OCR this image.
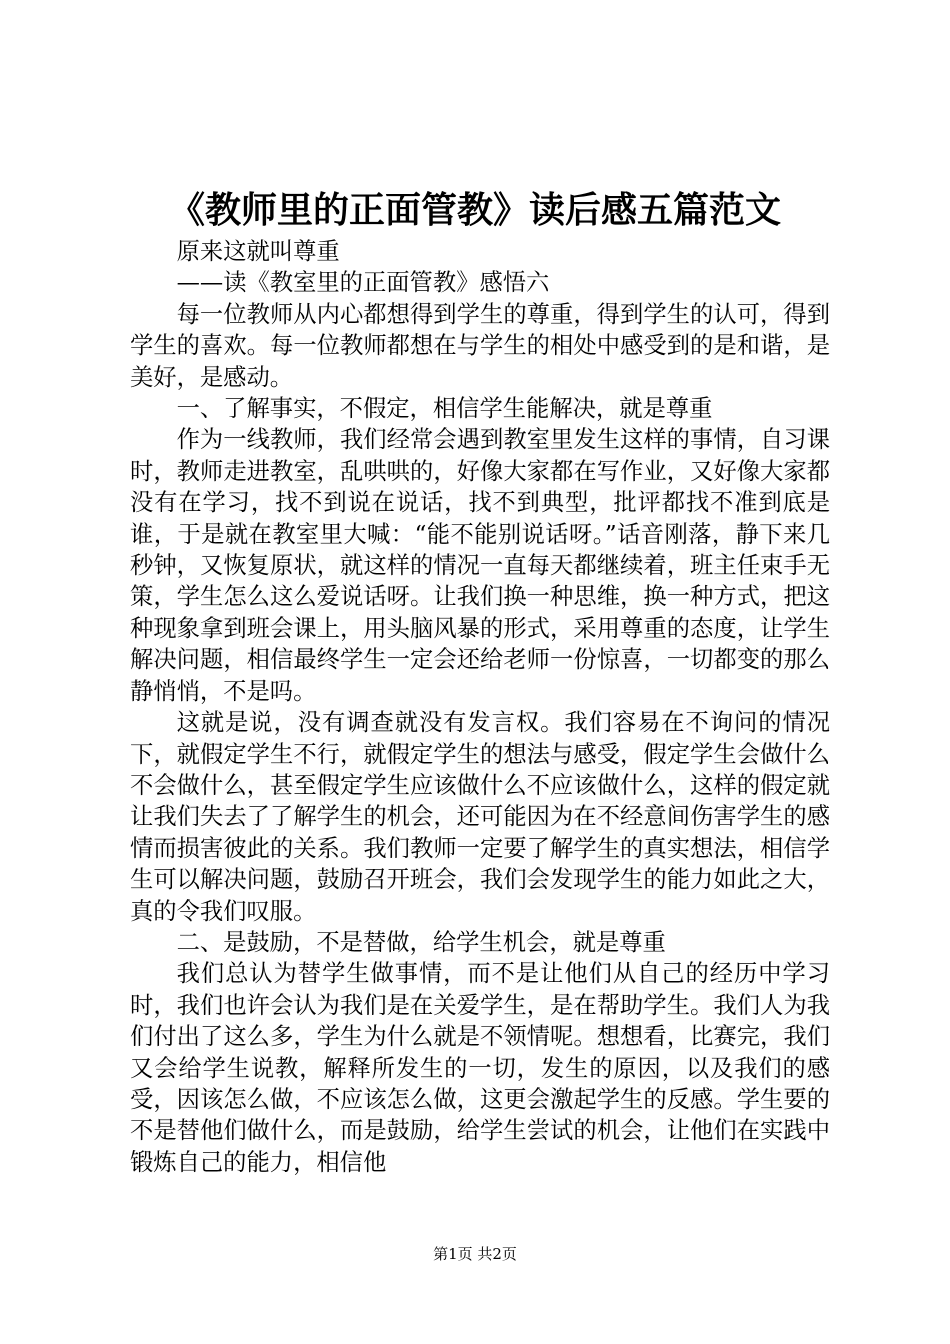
《教师里的正面管教》读后感五篇范文

原来这就叫尊重

——读《教室里的正面管教》感悟六

每一位教师从内心都想得到学生的尊重，得到学生的认可，得到学生的喜欢。每一位教师都想在与学生的相处中感受到的是和谐，是美好，是感动。

一、了解事实，不假定，相信学生能解决，就是尊重

作为一线教师，我们经常会遇到教室里发生这样的事情，自习课时，教师走进教室，乱哄哄的，好像大家都在写作业，又好像大家都没有在学习，找不到说在说话，找不到典型，批评都找不准到底是谁，于是就在教室里大喊：“能不能别说话呀。”话音刚落，静下来几秒钟，又恢复原状，就这样的情况一直每天都继续着，班主任束手无策，学生怎么这么爱说话呀。让我们换一种思维，换一种方式，把这种现象拿到班会课上，用头脑风暴的形式，采用尊重的态度，让学生解决问题，相信最终学生一定会还给老师一份惊喜，一切都变的那么静悄悄，不是吗。

这就是说，没有调查就没有发言权。我们容易在不询问的情况下，就假定学生不行，就假定学生的想法与感受，假定学生会做什么不会做什么，甚至假定学生应该做什么不应该做什么，这样的假定就让我们失去了了解学生的机会，还可能因为在不经意间伤害学生的感情而损害彼此的关系。我们教师一定要了解学生的真实想法，相信学生可以解决问题，鼓励召开班会，我们会发现学生的能力如此之大，真的令我们叹服。

二、是鼓励，不是替做，给学生机会，就是尊重

我们总认为替学生做事情，而不是让他们从自己的经历中学习时，我们也许会认为我们是在关爱学生，是在帮助学生。我们人为我们付出了这么多，学生为什么就是不领情呢。想想看，比赛完，我们又会给学生说教，解释所发生的一切，发生的原因，以及我们的感受，因该怎么做，不应该怎么做，这更会激起学生的反感。学生要的不是替他们做什么，而是鼓励，给学生尝试的机会，让他们在实践中锻炼自己的能力，相信他

第1页 共2页
